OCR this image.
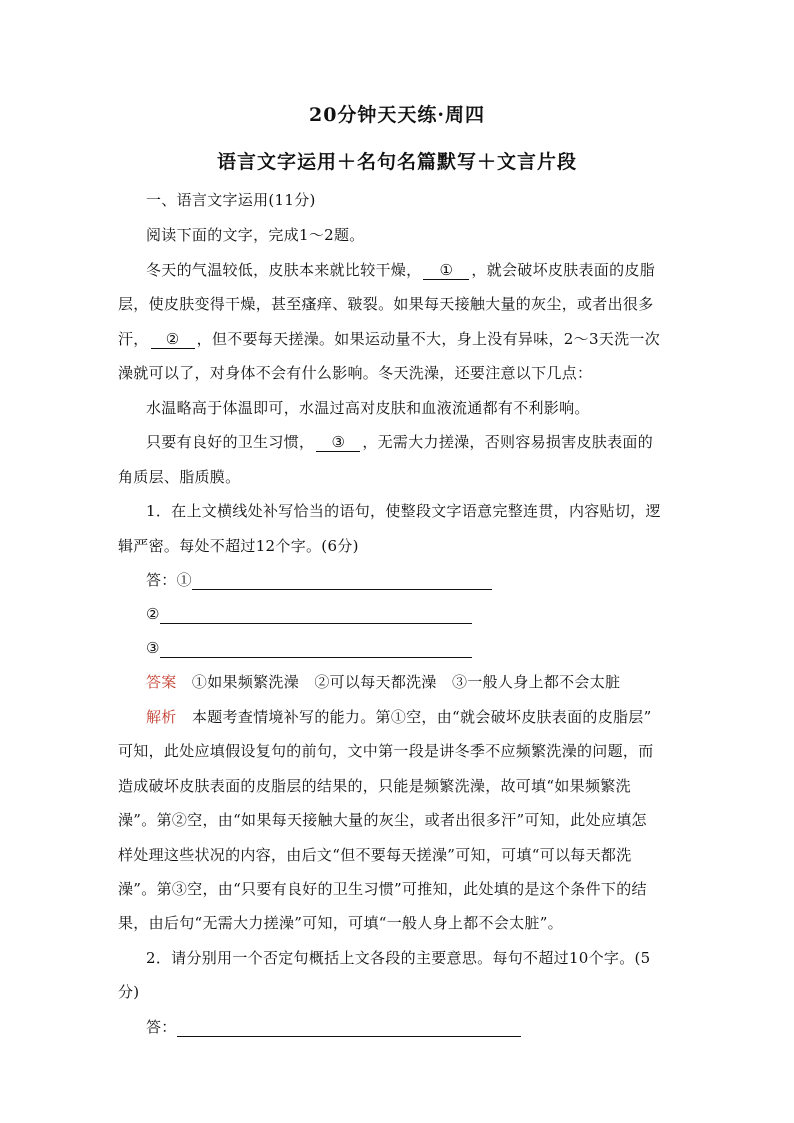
20分钟天天练·周四
语言文字运用＋名句名篇默写＋文言片段
一、语言文字运用(11分)
阅读下面的文字，完成1～2题。
冬天的气温较低，皮肤本来就比较干燥， ① ，就会破坏皮肤表面的皮脂
层，使皮肤变得干燥，甚至瘙痒、皲裂。如果每天接触大量的灰尘，或者出很多
汗， ② ，但不要每天搓澡。如果运动量不大，身上没有异味，2～3天洗一次
澡就可以了，对身体不会有什么影响。冬天洗澡，还要注意以下几点：
水温略高于体温即可，水温过高对皮肤和血液流通都有不利影响。
只要有良好的卫生习惯， ③ ，无需大力搓澡，否则容易损害皮肤表面的
角质层、脂质膜。
1．在上文横线处补写恰当的语句，使整段文字语意完整连贯，内容贴切，逻
辑严密。每处不超过12个字。(6分)
答：①
②
③
答案　 ①如果频繁洗澡　②可以每天都洗澡　③一般人身上都不会太脏
解析　 本题考查情境补写的能力。第①空，由“就会破坏皮肤表面的皮脂层”
可知，此处应填假设复句的前句，文中第一段是讲冬季不应频繁洗澡的问题，而
造成破坏皮肤表面的皮脂层的结果的，只能是频繁洗澡，故可填“如果频繁洗
澡”。第②空，由“如果每天接触大量的灰尘，或者出很多汗”可知，此处应填怎
样处理这些状况的内容，由后文“但不要每天搓澡”可知，可填“可以每天都洗
澡”。第③空，由“只要有良好的卫生习惯”可推知，此处填的是这个条件下的结
果，由后句“无需大力搓澡”可知，可填“一般人身上都不会太脏”。
2．请分别用一个否定句概括上文各段的主要意思。每句不超过10个字。(5
分)
答：
